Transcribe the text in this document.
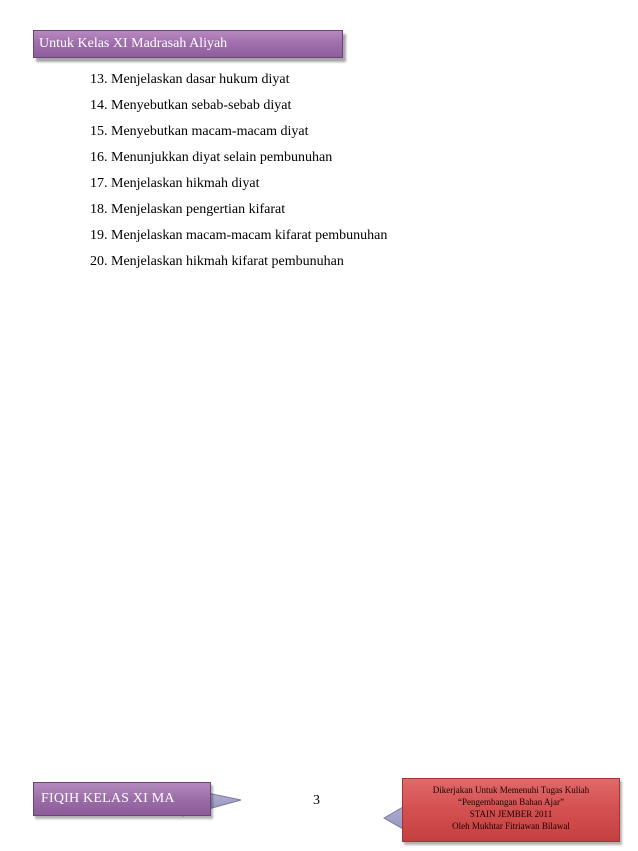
Untuk Kelas XI Madrasah Aliyah
13. Menjelaskan dasar hukum diyat
14. Menyebutkan sebab-sebab diyat
15. Menyebutkan macam-macam diyat
16. Menunjukkan diyat selain pembunuhan
17. Menjelaskan hikmah diyat
18. Menjelaskan pengertian kifarat
19. Menjelaskan macam-macam kifarat pembunuhan
20. Menjelaskan hikmah kifarat pembunuhan
FIQIH KELAS XI MA	3
Dikerjakan Untuk Memenuhi Tugas Kuliah
“Pengembangan Bahan Ajar”
STAIN JEMBER 2011
Oleh Mukhtar Fitriawan Bilawal
